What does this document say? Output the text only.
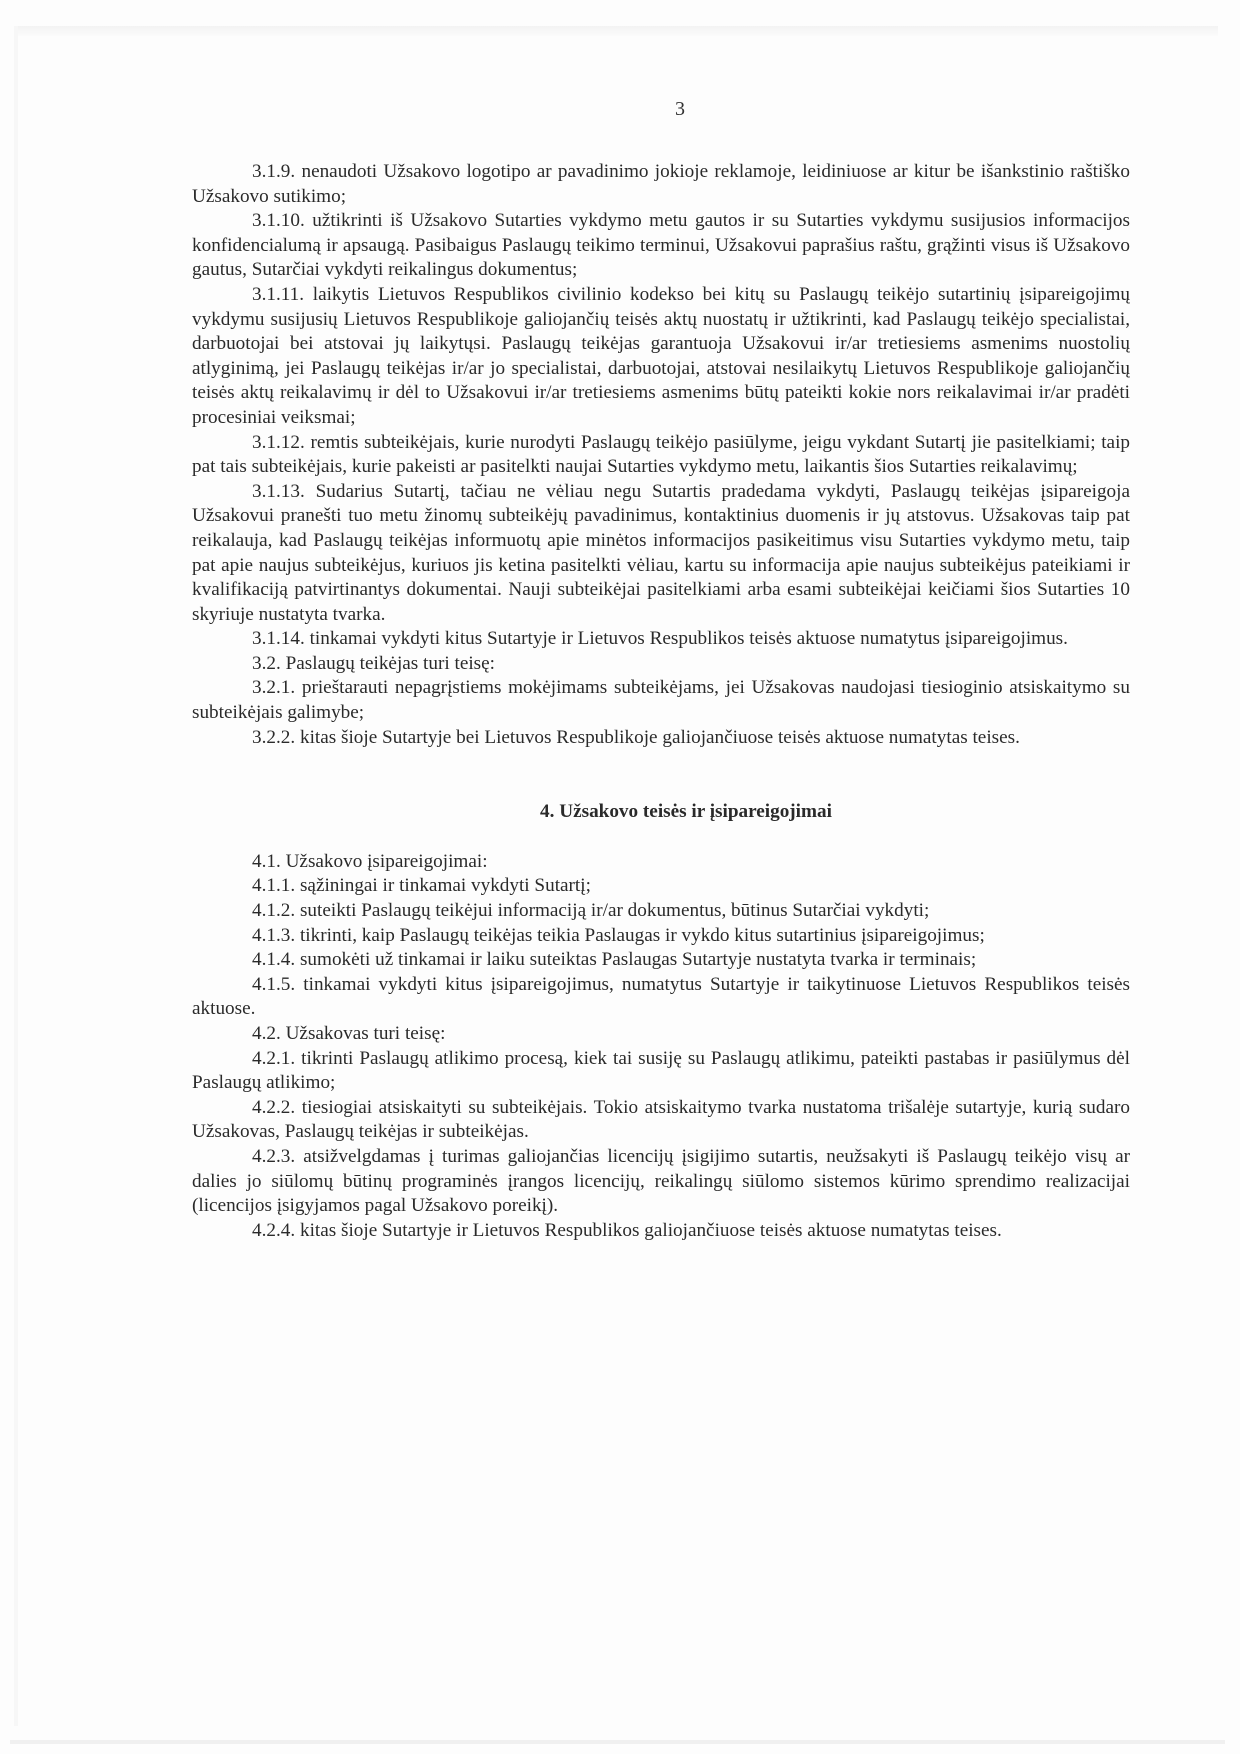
3

3.1.9. nenaudoti Užsakovo logotipo ar pavadinimo jokioje reklamoje, leidiniuose ar kitur be išankstinio raštiško Užsakovo sutikimo;

3.1.10. užtikrinti iš Užsakovo Sutarties vykdymo metu gautos ir su Sutarties vykdymu susijusios informacijos konfidencialumą ir apsaugą. Pasibaigus Paslaugų teikimo terminui, Užsakovui paprašius raštu, grąžinti visus iš Užsakovo gautus, Sutarčiai vykdyti reikalingus dokumentus;

3.1.11. laikytis Lietuvos Respublikos civilinio kodekso bei kitų su Paslaugų teikėjo sutartinių įsipareigojimų vykdymu susijusių Lietuvos Respublikoje galiojančių teisės aktų nuostatų ir užtikrinti, kad Paslaugų teikėjo specialistai, darbuotojai bei atstovai jų laikytųsi. Paslaugų teikėjas garantuoja Užsakovui ir/ar tretiesiems asmenims nuostolių atlyginimą, jei Paslaugų teikėjas ir/ar jo specialistai, darbuotojai, atstovai nesilaikytų Lietuvos Respublikoje galiojančių teisės aktų reikalavimų ir dėl to Užsakovui ir/ar tretiesiems asmenims būtų pateikti kokie nors reikalavimai ir/ar pradėti procesiniai veiksmai;

3.1.12. remtis subteikėjais, kurie nurodyti Paslaugų teikėjo pasiūlyme, jeigu vykdant Sutartį jie pasitelkiami; taip pat tais subteikėjais, kurie pakeisti ar pasitelkti naujai Sutarties vykdymo metu, laikantis šios Sutarties reikalavimų;

3.1.13. Sudarius Sutartį, tačiau ne vėliau negu Sutartis pradedama vykdyti, Paslaugų teikėjas įsipareigoja Užsakovui pranešti tuo metu žinomų subteikėjų pavadinimus, kontaktinius duomenis ir jų atstovus. Užsakovas taip pat reikalauja, kad Paslaugų teikėjas informuotų apie minėtos informacijos pasikeitimus visu Sutarties vykdymo metu, taip pat apie naujus subteikėjus, kuriuos jis ketina pasitelkti vėliau, kartu su informacija apie naujus subteikėjus pateikiami ir kvalifikaciją patvirtinantys dokumentai. Nauji subteikėjai pasitelkiami arba esami subteikėjai keičiami šios Sutarties 10 skyriuje nustatyta tvarka.

3.1.14. tinkamai vykdyti kitus Sutartyje ir Lietuvos Respublikos teisės aktuose numatytus įsipareigojimus.

3.2. Paslaugų teikėjas turi teisę:

3.2.1. prieštarauti nepagrįstiems mokėjimams subteikėjams, jei Užsakovas naudojasi tiesioginio atsiskaitymo su subteikėjais galimybe;

3.2.2. kitas šioje Sutartyje bei Lietuvos Respublikoje galiojančiuose teisės aktuose numatytas teises.

4. Užsakovo teisės ir įsipareigojimai

4.1. Užsakovo įsipareigojimai:

4.1.1. sąžiningai ir tinkamai vykdyti Sutartį;

4.1.2. suteikti Paslaugų teikėjui informaciją ir/ar dokumentus, būtinus Sutarčiai vykdyti;

4.1.3. tikrinti, kaip Paslaugų teikėjas teikia Paslaugas ir vykdo kitus sutartinius įsipareigojimus;

4.1.4. sumokėti už tinkamai ir laiku suteiktas Paslaugas Sutartyje nustatyta tvarka ir terminais;

4.1.5. tinkamai vykdyti kitus įsipareigojimus, numatytus Sutartyje ir taikytinuose Lietuvos Respublikos teisės aktuose.

4.2. Užsakovas turi teisę:

4.2.1. tikrinti Paslaugų atlikimo procesą, kiek tai susiję su Paslaugų atlikimu, pateikti pastabas ir pasiūlymus dėl Paslaugų atlikimo;

4.2.2. tiesiogiai atsiskaityti su subteikėjais. Tokio atsiskaitymo tvarka nustatoma trišalėje sutartyje, kurią sudaro Užsakovas, Paslaugų teikėjas ir subteikėjas.

4.2.3. atsižvelgdamas į turimas galiojančias licencijų įsigijimo sutartis, neužsakyti iš Paslaugų teikėjo visų ar dalies jo siūlomų būtinų programinės įrangos licencijų, reikalingų siūlomo sistemos kūrimo sprendimo realizacijai (licencijos įsigyjamos pagal Užsakovo poreikį).

4.2.4. kitas šioje Sutartyje ir Lietuvos Respublikos galiojančiuose teisės aktuose numatytas teises.
